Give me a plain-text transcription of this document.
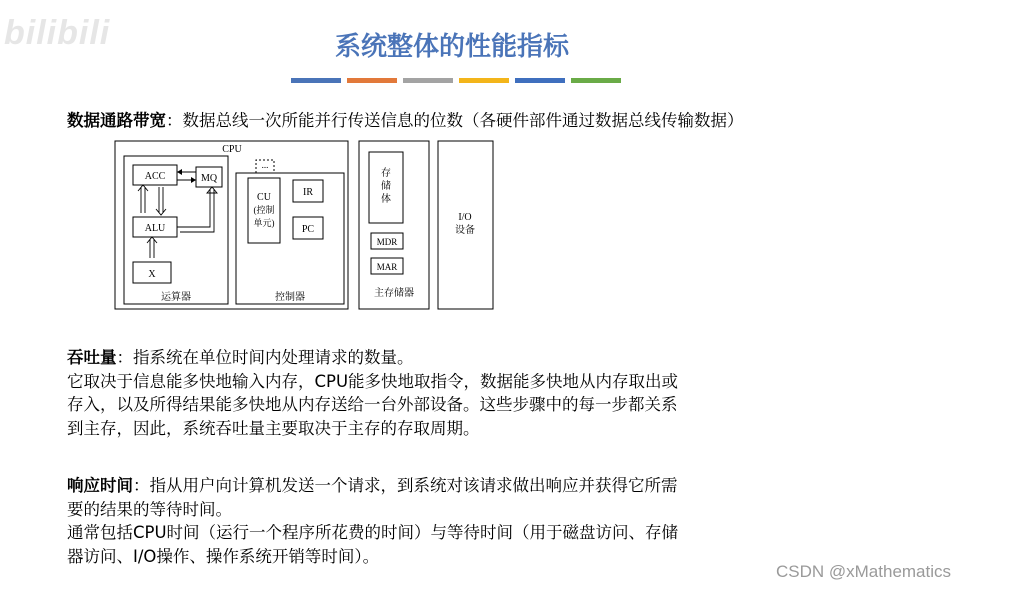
bilibili	系统整体的性能指标
数据通路带宽：数据总线一次所能并行传送信息的位数（各硬件部件通过数据总线传输数据）
CPU
ACC	MQ
ALU
X
运算器
...
CU
(控制
单元)
IR
PC
控制器
存
储
体
MDR
MAR
主存储器
I/O
设备
吞吐量：指系统在单位时间内处理请求的数量。
它取决于信息能多快地输入内存，CPU能多快地取指令，数据能多快地从内存取出或
存入，以及所得结果能多快地从内存送给一台外部设备。这些步骤中的每一步都关系
到主存，因此，系统吞吐量主要取决于主存的存取周期。
响应时间：指从用户向计算机发送一个请求，到系统对该请求做出响应并获得它所需
要的结果的等待时间。
通常包括CPU时间（运行一个程序所花费的时间）与等待时间（用于磁盘访问、存储
器访问、I/O操作、操作系统开销等时间）。
CSDN @xMathematics
